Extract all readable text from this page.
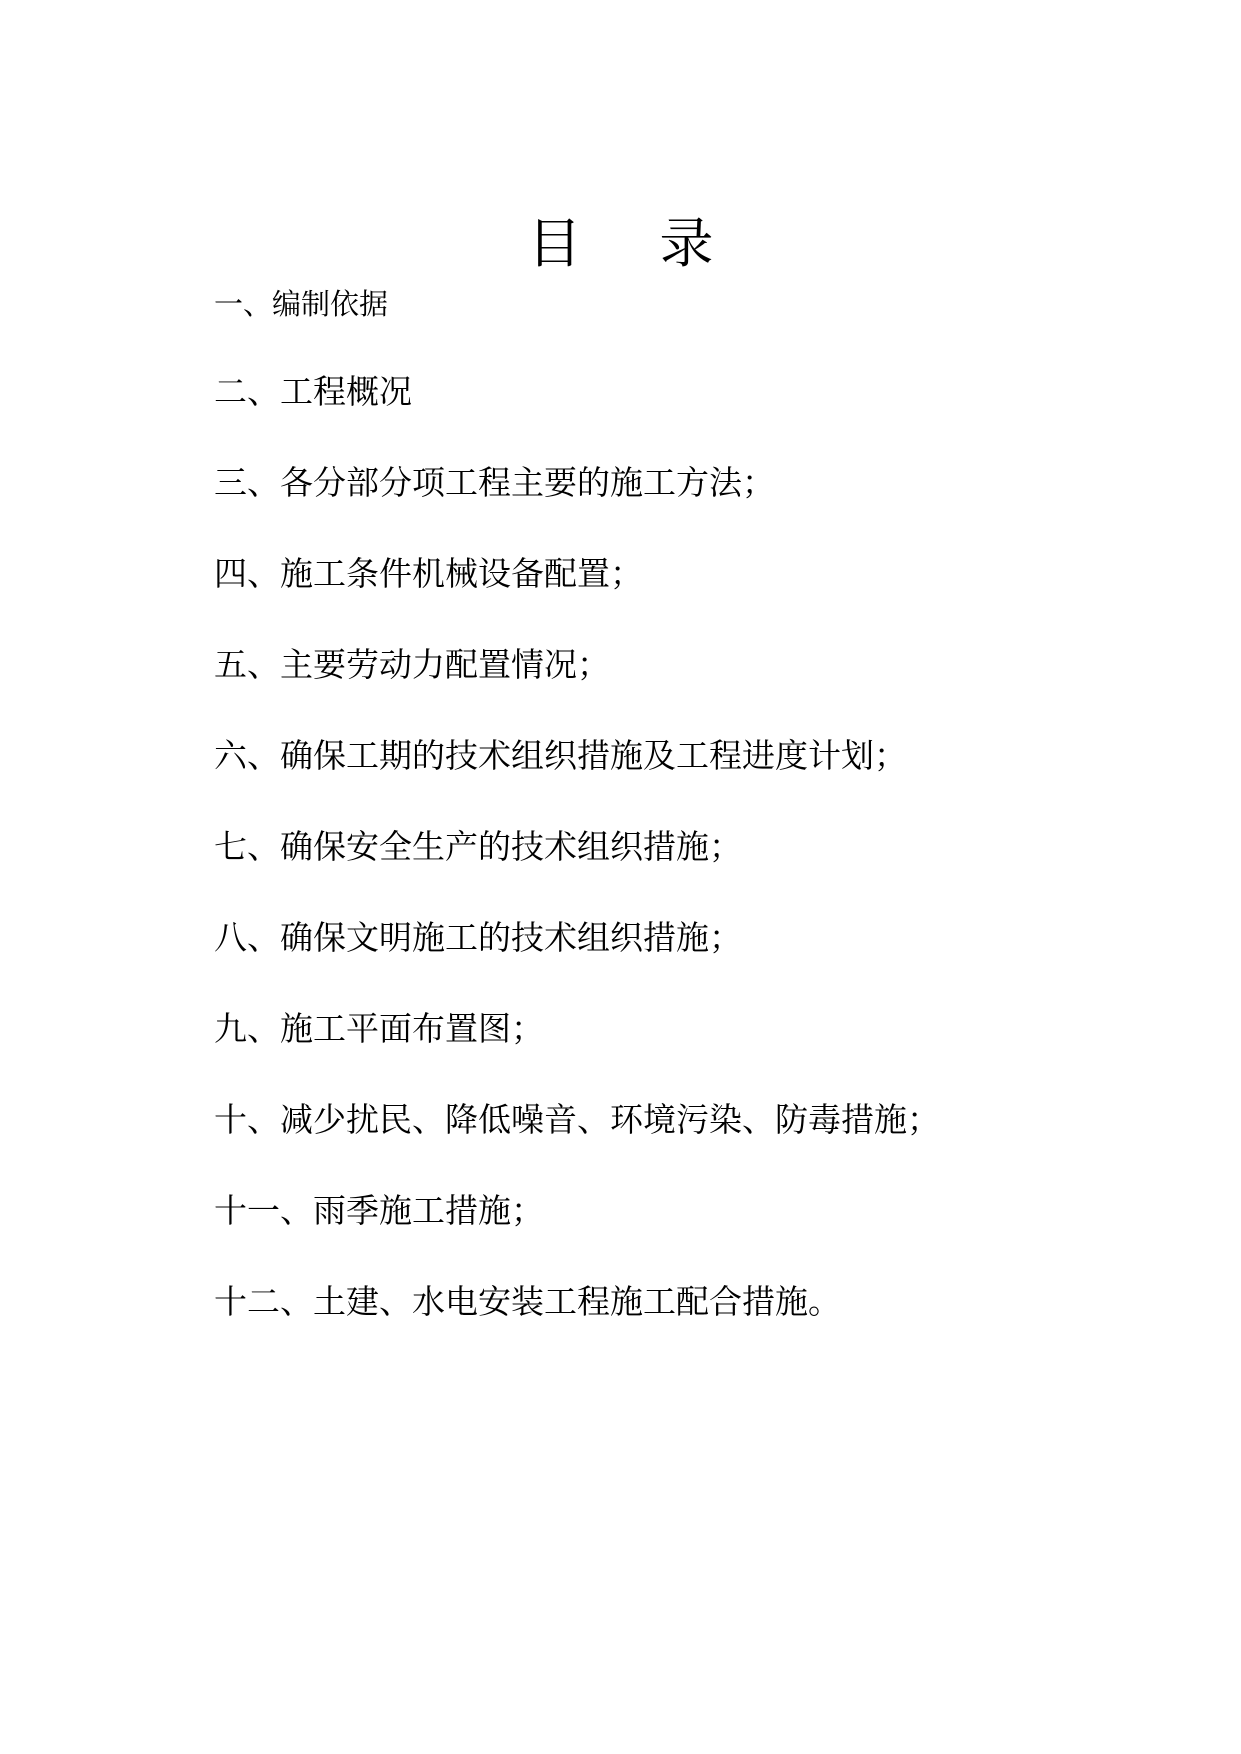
目 录
一、编制依据
二、工程概况
三、各分部分项工程主要的施工方法；
四、施工条件机械设备配置；
五、主要劳动力配置情况；
六、确保工期的技术组织措施及工程进度计划；
七、确保安全生产的技术组织措施；
八、确保文明施工的技术组织措施；
九、施工平面布置图；
十、减少扰民、降低噪音、环境污染、防毒措施；
十一、雨季施工措施；
十二、土建、水电安装工程施工配合措施。
